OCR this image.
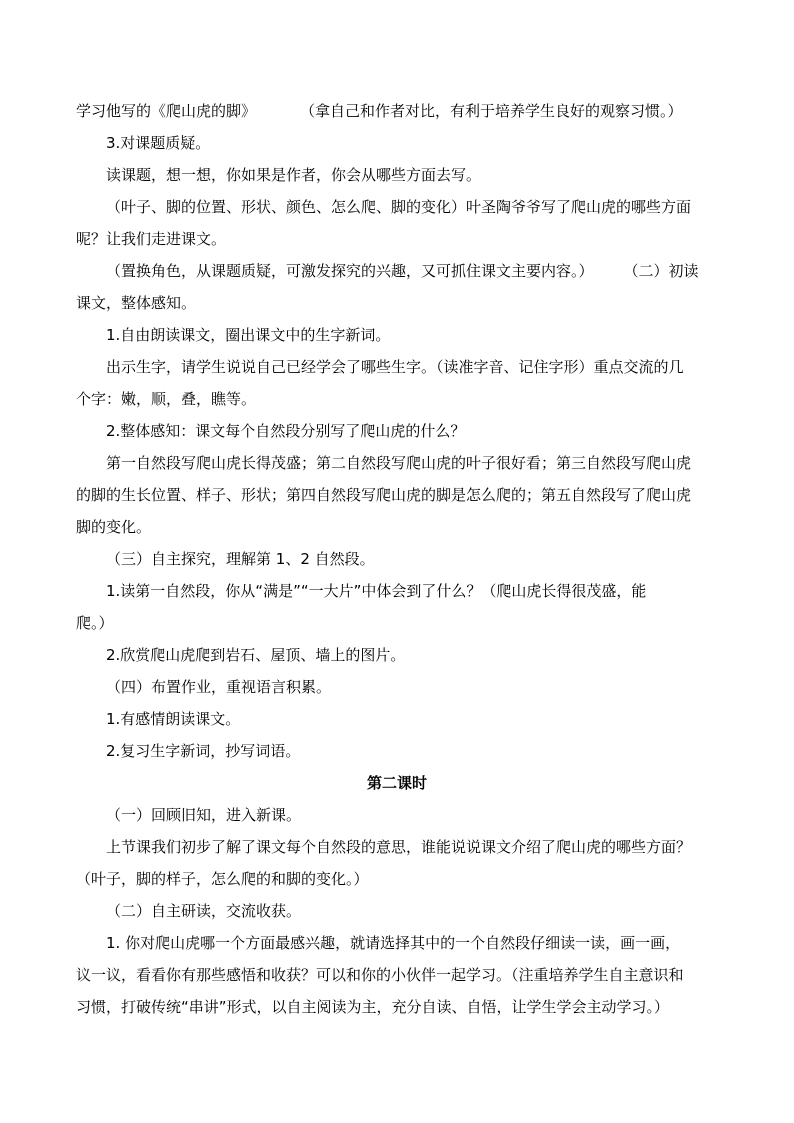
学习他写的《爬山虎的脚》	（拿自己和作者对比，有利于培养学生良好的观察习惯。）
3.对课题质疑。
读课题，想一想，你如果是作者，你会从哪些方面去写。
（叶子、脚的位置、形状、颜色、怎么爬、脚的变化）叶圣陶爷爷写了爬山虎的哪些方面
呢？让我们走进课文。
（置换角色，从课题质疑，可激发探究的兴趣，又可抓住课文主要内容。） （二）初读
课文，整体感知。
1.自由朗读课文，圈出课文中的生字新词。
出示生字，请学生说说自己已经学会了哪些生字。（读准字音、记住字形）重点交流的几
个字：嫩，顺，叠，瞧等。
2.整体感知：课文每个自然段分别写了爬山虎的什么？
第一自然段写爬山虎长得茂盛；第二自然段写爬山虎的叶子很好看；第三自然段写爬山虎
的脚的生长位置、样子、形状；第四自然段写爬山虎的脚是怎么爬的；第五自然段写了爬山虎
脚的变化。
（三）自主探究，理解第 1、2 自然段。
1.读第一自然段，你从“满是”“一大片”中体会到了什么？（爬山虎长得很茂盛，能
爬。）
2.欣赏爬山虎爬到岩石、屋顶、墙上的图片。
（四）布置作业，重视语言积累。
1.有感情朗读课文。
2.复习生字新词，抄写词语。
第二课时
（一）回顾旧知，进入新课。
上节课我们初步了解了课文每个自然段的意思，谁能说说课文介绍了爬山虎的哪些方面？
（叶子，脚的样子，怎么爬的和脚的变化。）
（二）自主研读，交流收获。
1. 你对爬山虎哪一个方面最感兴趣，就请选择其中的一个自然段仔细读一读，画一画，
议一议，看看你有那些感悟和收获？可以和你的小伙伴一起学习。（注重培养学生自主意识和
习惯，打破传统“串讲”形式，以自主阅读为主，充分自读、自悟，让学生学会主动学习。）
